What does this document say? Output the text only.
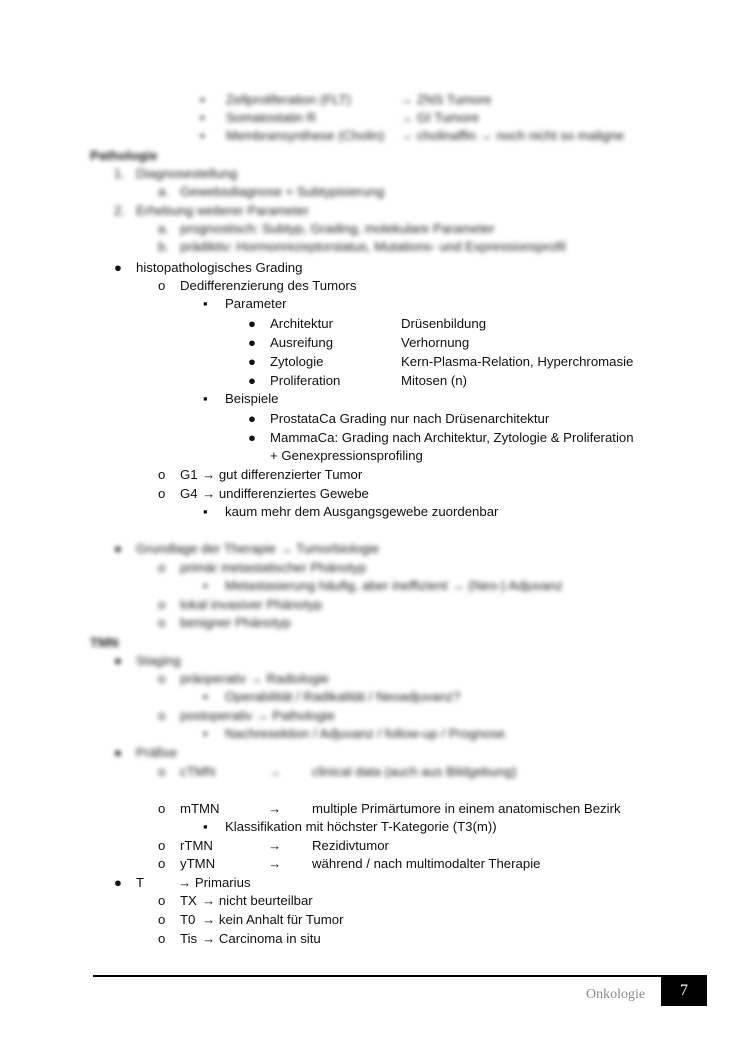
▪ Zellproliferation (FLT)	→ ZNS Tumore
▪ Somatostatin R	→ GI Tumore
▪ Membransynthese (Cholin) → cholinaffin → noch nicht so maligne
Pathologie
1. Diagnosestellung
a. Gewebsdiagnose + Subtypisierung
2. Erhebung weiterer Parameter
a. prognostisch: Subtyp, Grading, molekulare Parameter
b. prädiktiv: Hormonrezeptorstatus, Mutations- und Expressionsprofil
● histopathologisches Grading
o Dedifferenzierung des Tumors
▪ Parameter
● Architektur	Drüsenbildung
● Ausreifung	Verhornung
● Zytologie	Kern-Plasma-Relation, Hyperchromasie
● Proliferation	Mitosen (n)
▪ Beispiele
● ProstataCa Grading nur nach Drüsenarchitektur
● MammaCa: Grading nach Architektur, Zytologie & Proliferation
+ Genexpressionsprofiling
o G1 → gut differenzierter Tumor
o G4 → undifferenziertes Gewebe
▪ kaum mehr dem Ausgangsgewebe zuordenbar
● Grundlage der Therapie → Tumorbiologie
o primär metastatischer Phänotyp
▪ Metastasierung häufig, aber ineffizient → (Neo-) Adjuvanz
o lokal invasiver Phänotyp
o benigner Phänotyp
TMN
● Staging
o präoperativ → Radiologie
▪ Operabilität / Radikalität / Neoadjuvanz?
o postoperativ → Pathologie
▪ Nachresektion / Adjuvanz / follow-up / Prognose
● Präfixe
o cTMN	→ clinical data (auch aus Bildgebung)
o mTMN	→ multiple Primärtumore in einem anatomischen Bezirk
▪ Klassifikation mit höchster T-Kategorie (T3(m))
o rTMN	→ Rezidivtumor
o yTMN	→ während / nach multimodalter Therapie
● T	→ Primarius
o TX → nicht beurteilbar
o T0 → kein Anhalt für Tumor
o Tis → Carcinoma in situ
Onkologie	7
